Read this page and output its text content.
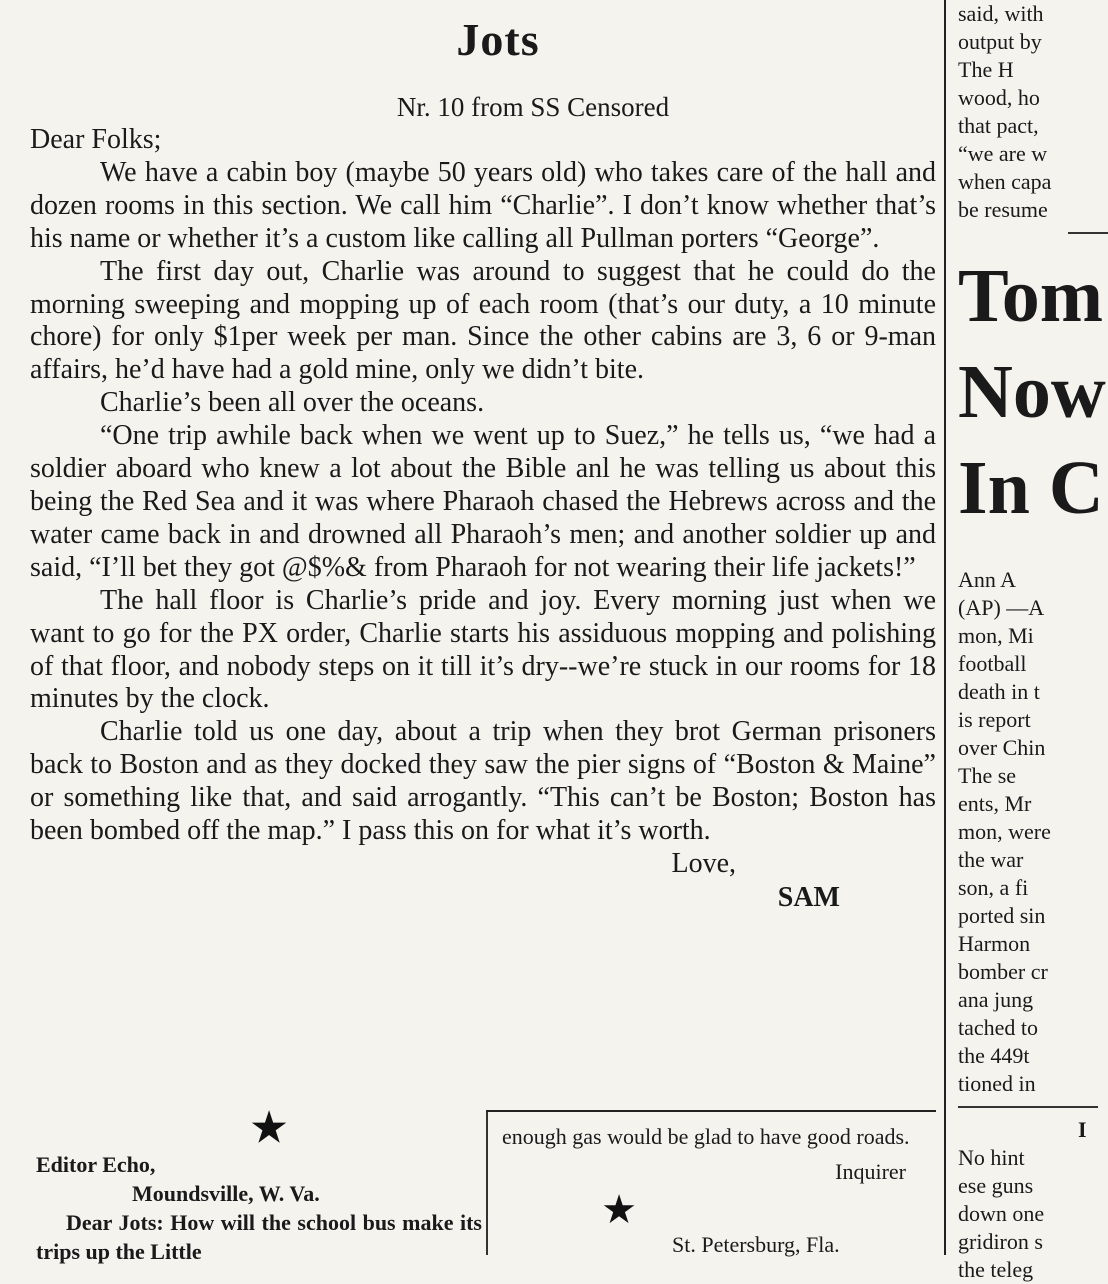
Jots
Nr. 10 from SS Censored

Dear Folks;

We have a cabin boy (maybe 50 years old) who takes care of the hall and dozen rooms in this section. We call him “Charlie”. I don’t know whether that’s his name or whether it’s a custom like calling all Pullman porters “George”.

The first day out, Charlie was around to suggest that he could do the morning sweeping and mopping up of each room (that’s our duty, a 10 minute chore) for only $1per week per man. Since the other cabins are 3, 6 or 9-man affairs, he’d have had a gold mine, only we didn’t bite.

Charlie’s been all over the oceans.

“One trip awhile back when we went up to Suez,” he tells us, “we had a soldier aboard who knew a lot about the Bible anl he was telling us about this being the Red Sea and it was where Pharaoh chased the Hebrews across and the water came back in and drowned all Pharaoh’s men; and another soldier up and said, “I’ll bet they got @$%& from Pharaoh for not wearing their life jackets!”

The hall floor is Charlie’s pride and joy. Every morning just when we want to go for the PX order, Charlie starts his assiduous mopping and polishing of that floor, and nobody steps on it till it’s dry--we’re stuck in our rooms for 18 minutes by the clock.

Charlie told us one day, about a trip when they brot German prisoners back to Boston and as they docked they saw the pier signs of “Boston & Maine” or something like that, and said arrogantly. “This can’t be Boston; Boston has been bombed off the map.” I pass this on for what it’s worth.

Love,
SAM
★
Editor Echo,
Moundsville, W. Va.
Dear Jots: How will the school bus make its trips up the Little
enough gas would be glad to have good roads.
Inquirer
★
St. Petersburg, Fla.
said, with
output by
The H
wood, ho
that pact,
“we are w
when capa
be resume
Tom
Now
In C
Ann A
(AP) —A
mon, Mi
football
death in t
is report
over Chin
The se
ents, Mr
mon, were
the war
son, a fi
ported sin
Harmon
bomber cr
ana jung
tached to
the 449t
tioned in
I
No hint
ese guns
down one
gridiron s
the teleg
